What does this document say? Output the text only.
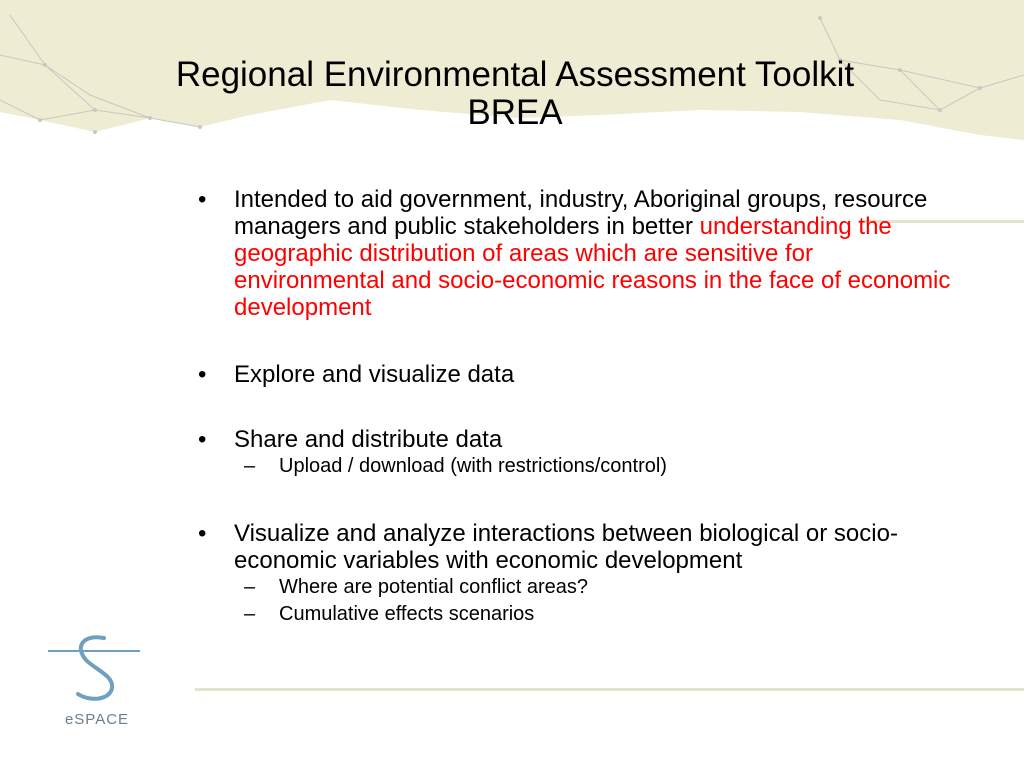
Regional Environmental Assessment Toolkit
BREA
• Intended to aid government, industry, Aboriginal groups, resource managers and public stakeholders in better understanding the geographic distribution of areas which are sensitive for environmental and socio-economic reasons in the face of economic development
• Explore and visualize data
• Share and distribute data
– Upload / download (with restrictions/control)
• Visualize and analyze interactions between biological or socio-economic variables with economic development
– Where are potential conflict areas?
– Cumulative effects scenarios
eSPACE
